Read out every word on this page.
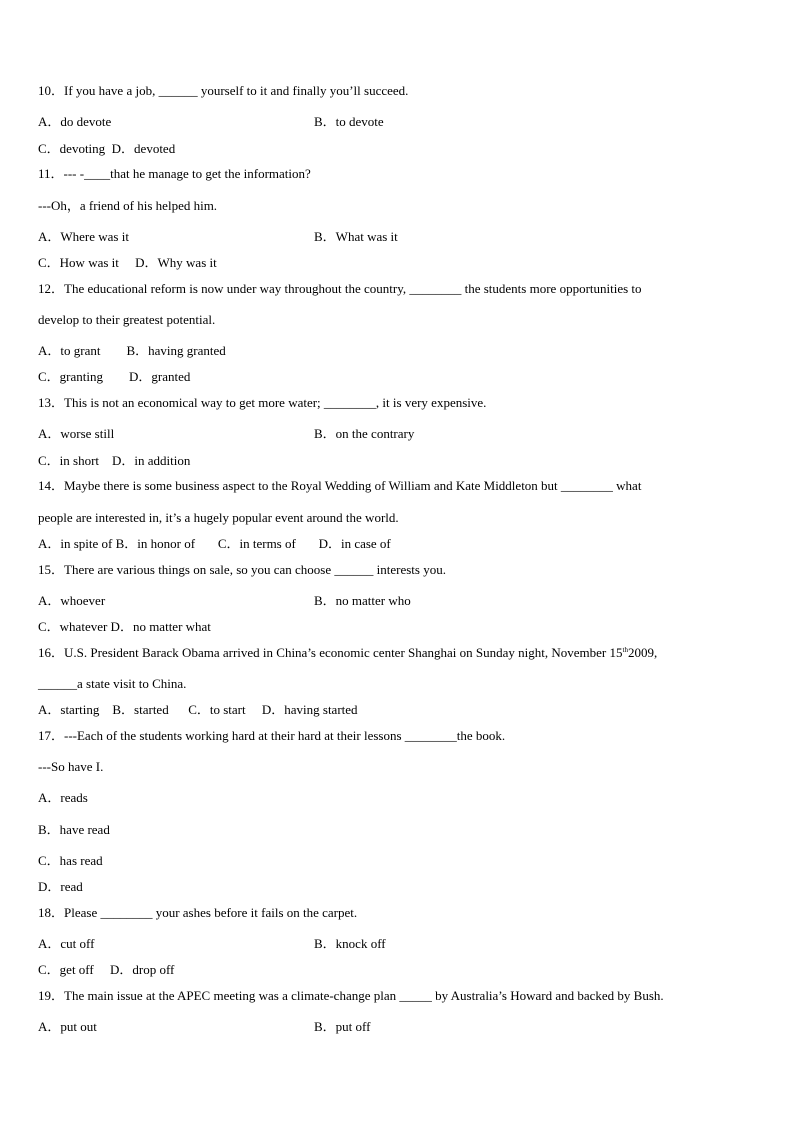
10．If you have a job, ______ yourself to it and finally you’ll succeed.
A．do devote	B．to devote
C．devoting  D．devoted
11．--- -____that he manage to get the information?
---Oh，a friend of his helped him.
A．Where was it	B．What was it
C．How was it     D．Why was it
12．The educational reform is now under way throughout the country, ________ the students more opportunities to
develop to their greatest potential.
A．to grant        B．having granted
C．granting        D．granted
13．This is not an economical way to get more water; ________, it is very expensive.
A．worse still	B．on the contrary
C．in short    D．in addition
14．Maybe there is some business aspect to the Royal Wedding of William and Kate Middleton but ________ what
people are interested in, it’s a hugely popular event around the world.
A．in spite of B．in honor of       C．in terms of       D．in case of
15．There are various things on sale, so you can choose ______ interests you.
A．whoever	B．no matter who
C．whatever D．no matter what
16．U.S. President Barack Obama arrived in China’s economic center Shanghai on Sunday night, November 15th2009,
______a state visit to China.
A．starting    B．started      C．to start     D．having started
17．---Each of the students working hard at their hard at their lessons ________the book.
---So have I.
A．reads
B．have read
C．has read
D．read
18．Please ________ your ashes before it fails on the carpet.
A．cut off	B．knock off
C．get off     D．drop off
19．The main issue at the APEC meeting was a climate-change plan _____ by Australia’s Howard and backed by Bush.
A．put out	B．put off
